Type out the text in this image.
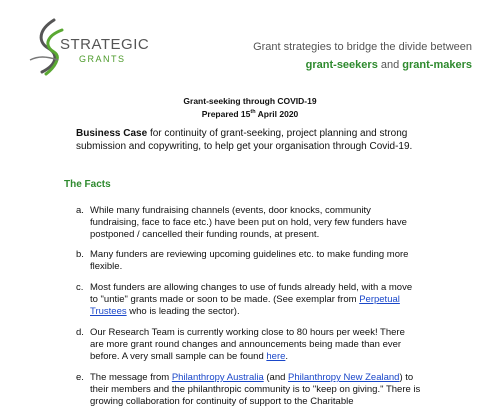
STRATEGIC
GRANTS
Grant strategies to bridge the divide between
grant-seekers and grant-makers
Grant-seeking through COVID-19
Prepared 15th April 2020
Business Case for continuity of grant-seeking, project planning and strong submission and copywriting, to help get your organisation through Covid-19.
The Facts
a. While many fundraising channels (events, door knocks, community fundraising, face to face etc.) have been put on hold, very few funders have postponed / cancelled their funding rounds, at present.
b. Many funders are reviewing upcoming guidelines etc. to make funding more flexible.
c. Most funders are allowing changes to use of funds already held, with a move to "untie" grants made or soon to be made. (See exemplar from Perpetual Trustees who is leading the sector).
d. Our Research Team is currently working close to 80 hours per week! There are more grant round changes and announcements being made than ever before. A very small sample can be found here.
e. The message from Philanthropy Australia (and Philanthropy New Zealand) to their members and the philanthropic community is to "keep on giving." There is growing collaboration for continuity of support to the Charitable
